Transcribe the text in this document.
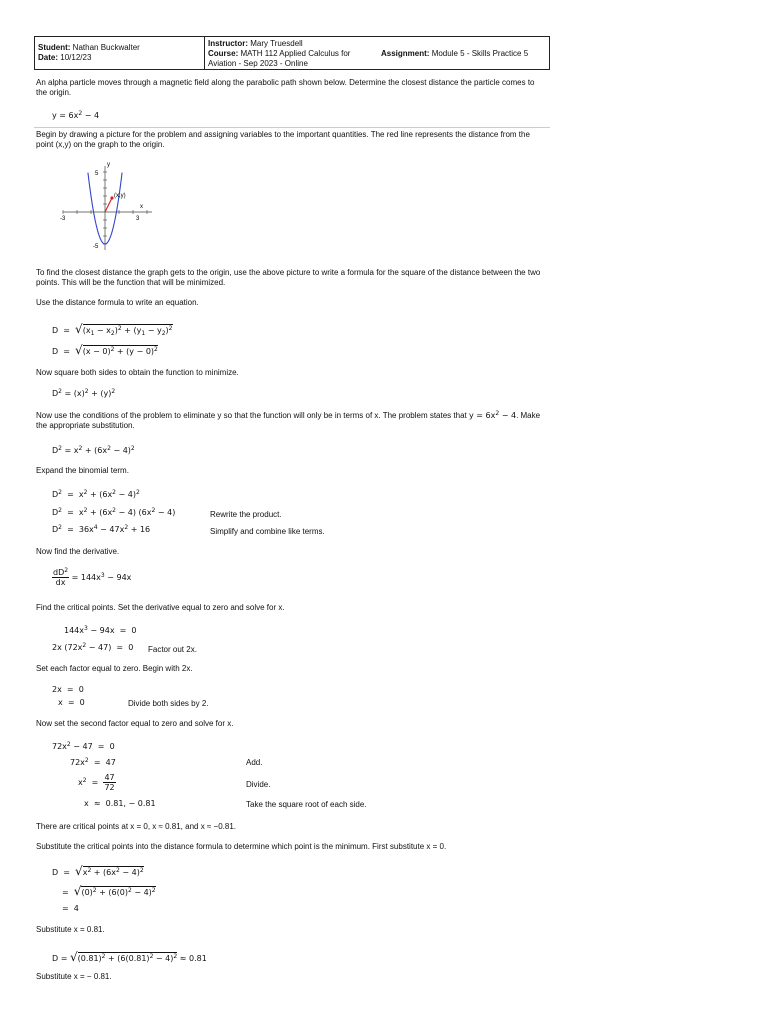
Student: Nathan Buckwalter
Date: 10/12/23
Instructor: Mary Truesdell
Course: MATH 112 Applied Calculus for
Aviation - Sep 2023 - Online
Assignment: Module 5 - Skills Practice 5
An alpha particle moves through a magnetic field along the parabolic path shown below. Determine the closest distance the particle comes to the origin.
$y = 6x^2 - 4$
Begin by drawing a picture for the problem and assigning variables to the important quantities. The red line represents the distance from the point (x,y) on the graph to the origin.
(x,y)
y
x
5
-5
-3	3
To find the closest distance the graph gets to the origin, use the above picture to write a formula for the square of the distance between the two points. This will be the function that will be minimized.
Use the distance formula to write an equation.
$D = √(x_1 - x_2)^2 + (y_1 - y_2)^2$
$D = √(x - 0)^2 + (y - 0)^2$
Now square both sides to obtain the function to minimize.
$D^2 = (x)^2 + (y)^2$
Now use the conditions of the problem to eliminate y so that the function will only be in terms of x. The problem states that $y = 6x^2 - 4$. Make the appropriate substitution.
$D^2 = x^2 + (6x^2 - 4)^2$
Expand the binomial term.
$D^2 = x^2 + (6x^2 - 4)^2$
$D^2 = x^2 + (6x^2 - 4) (6x^2 - 4)$	Rewrite the product.
$D^2 = 36x^4 - 47x^2 + 16$	Simplify and combine like terms.
Now find the derivative.
$\frac{dD^2}{dx} = 144x^3 - 94x$
Find the critical points. Set the derivative equal to zero and solve for x.
$144x^3 - 94x = 0$
2x $(72x^2 - 47) = 0$ Factor out 2x.
Set each factor equal to zero. Begin with 2x.
2x  =  0
x  =  0	Divide both sides by 2.
Now set the second factor equal to zero and solve for x.
$72x^2 - 47 = 0$
$72x^2 = 47$	Add.
$x^2 = \frac{47}{72}$	Divide.
x  ≈  0.81, − 0.81	Take the square root of each side.
There are critical points at x = 0, x ≈ 0.81, and x ≈ −0.81.
Substitute the critical points into the distance formula to determine which point is the minimum. First substitute x = 0.
$D = √x^2 + (6x^2 - 4)^2$
=  $√(0)^2 + (6(0)^2 - 4)^2$
=  4
Substitute x = 0.81.
$D = √(0.81)^2 + (6(0.81)^2 - 4)^2 \approx 0.81$
Substitute x = − 0.81.
